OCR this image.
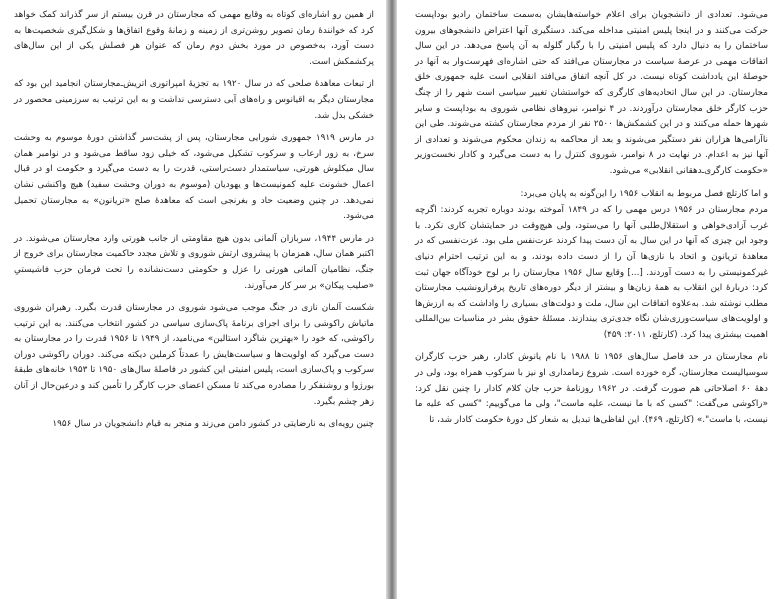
از همین رو اشاره‌ای کوتاه به وقایع مهمی که مجارستان در قرن بیستم از سر گذراند کمک خواهد کرد که خوانندهٔ رمان تصویر روشن‌تری از زمینه و زمانهٔ وقوع اتفاق‌ها و شکل‌گیری شخصیت‌ها به دست آورد، به‌خصوص در مورد بخش دوم رمان که عنوان هر فصلش یکی از این سال‌های پرکشمکش است.

از تبعات معاهدهٔ صلحی که در سال ۱۹۲۰ به تجزیهٔ امپراتوری اتریش‌ـ‌مجارستان انجامید این بود که مجارستان دیگر به اقیانوس و راه‌های آبی دسترسی نداشت و به این ترتیب به سرزمینی محصور در خشکی بدل شد.

در مارس ۱۹۱۹ جمهوری شورایی مجارستان، پس از پشت‌سر گذاشتن دورهٔ موسوم به وحشت سرخ، به زور ارعاب و سرکوب تشکیل می‌شود، که خیلی زود ساقط می‌شود و در نوامبر همان سال میکلوش هورتی، سیاستمدار دست‌راستی، قدرت را به دست می‌گیرد و حکومت او در قبال اعمال خشونت علیه کمونیست‌ها و یهودیان (موسوم به دوران وحشت سفید) هیچ واکنشی نشان نمی‌دهد. در چنین وضعیت حاد و بغرنجی است که معاهدهٔ صلح «تریانون» به مجارستان تحمیل می‌شود.

در مارس ۱۹۴۴، سربازان آلمانی بدون هیچ مقاومتی از جانب هورتی وارد مجارستان می‌شوند. در اکتبر همان سال، همزمان با پیشروی ارتش شوروی و تلاش مجدد حاکمیت مجارستان برای خروج از جنگ، نظامیان آلمانی هورتی را عزل و حکومتی دست‌نشانده را تحت فرمان حزب فاشیستیِ «صلیب پیکان» بر سر کار می‌آورند.

شکست آلمان نازی در جنگ موجب می‌شود شوروی در مجارستان قدرت بگیرد. رهبران شوروی ماتیاش راکوشی را برای اجرای برنامهٔ پاک‌سازی سیاسی در کشور انتخاب می‌کنند. به این ترتیب راکوشی، که خود را «بهترین شاگرد استالین» می‌نامید، از ۱۹۴۹ تا ۱۹۵۶ قدرت را در مجارستان به دست می‌گیرد که اولویت‌ها و سیاست‌هایش را عمدتاً کرملین دیکته می‌کند. دوران راکوشی دوران سرکوب و پاک‌سازی است، پلیس امنیتی این کشور در فاصلهٔ سال‌های ۱۹۵۰ تا ۱۹۵۳ خانه‌های طبقهٔ بورژوا و روشنفکر را مصادره می‌کند تا مسکن اعضای حزب کارگر را تأمین کند و درعین‌حال از آنان زهر چشم بگیرد.

چنین رویه‌ای به نارضایتی در کشور دامن می‌زند و منجر به قیام دانشجویان در سال ۱۹۵۶

می‌شود. تعدادی از دانشجویان برای اعلام خواسته‌هایشان به‌سمت ساختمان رادیو بوداپست حرکت می‌کنند و در اینجا پلیس امنیتی مداخله می‌کند. دستگیری آنها اعتراض دانشجوهای بیرون ساختمان را به دنبال دارد که پلیس امنیتی را با رگبار گلوله به آن پاسخ می‌دهد. در این سال اتفاقات مهمی در عرصهٔ سیاست در مجارستان می‌افتد که حتی اشاره‌ای فهرست‌وار به آنها در حوصلهٔ این یادداشت کوتاه نیست. در کل آنچه اتفاق می‌افتد انقلابی است علیه جمهوری خلق مجارستان. در این سال اتحادیه‌های کارگری که خواستشان تغییر سیاسی است شهر را از چنگ حزب کارگر خلق مجارستان درآوردند. در ۴ نوامبر، نیروهای نظامی شوروی به بوداپست و سایر شهرها حمله می‌کنند و در این کشمکش‌ها ۲۵۰۰ نفر از مردم مجارستان کشته می‌شوند. طی این ناآرامی‌ها هزاران نفر دستگیر می‌شوند و بعد از محاکمه به زندان محکوم می‌شوند و تعدادی از آنها نیز به اعدام. در نهایت در ۸ نوامبر، شوروی کنترل را به دست می‌گیرد و کادار نخست‌وزیر «حکومت کارگری‌ـ‌دهقانی انقلابی» می‌شود.

و اما کارتلچ فصل مربوط به انقلاب ۱۹۵۶ را این‌گونه به پایان می‌برد:

مردم مجارستان در ۱۹۵۶ درس مهمی را که در ۱۸۴۹ آموخته بودند دوباره تجربه کردند: اگرچه غرب آزادی‌خواهی و استقلال‌طلبی آنها را می‌ستود، ولی هیچ‌وقت در حمایتشان کاری نکرد. با وجود این چیزی که آنها در این سال به آن دست پیدا کردند عزت‌نفس ملی بود. عزت‌نفسی که در معاهدهٔ تریانون و اتحاد با نازی‌ها آن را از دست داده بودند، و به این ترتیب احترام دنیای غیرکمونیستی را به دست آوردند. [...] وقایع سال ۱۹۵۶ مجارستان را بر لوح خودآگاه جهان ثبت کرد: دربارهٔ این انقلاب به همهٔ زبان‌ها و بیشتر از دیگر دوره‌های تاریخ پرفرازونشیب مجارستان مطلب نوشته شد. به‌علاوه اتفاقات این سال، ملت و دولت‌های بسیاری را واداشت که به ارزش‌ها و اولویت‌های سیاست‌ورزی‌شان نگاه جدی‌تری بیندازند. مسئلهٔ حقوق بشر در مناسبات بین‌المللی اهمیت بیشتری پیدا کرد. (کارتلچ، ۲۰۱۱: ۴۵۹)

نام مجارستان در حد فاصل سال‌های ۱۹۵۶ تا ۱۹۸۸ با نام یانوش کادار، رهبر حزب کارگران سوسیالیست مجارستان، گره خورده است. شروع زمامداری او نیز با سرکوب همراه بود، ولی در دههٔ ۶۰ اصلاحاتی هم صورت گرفت. در ۱۹۶۲ روزنامهٔ حزب جان کلام کادار را چنین نقل کرد: «راکوشی می‌گفت: "کسی که با ما نیست، علیه ماست"، ولی ما می‌گوییم: "کسی که علیه ما نیست، با ماست".» (کارتلچ، ۴۶۹). این لفاظی‌ها تبدیل به شعار کل دورهٔ حکومت کادار شد، تا
